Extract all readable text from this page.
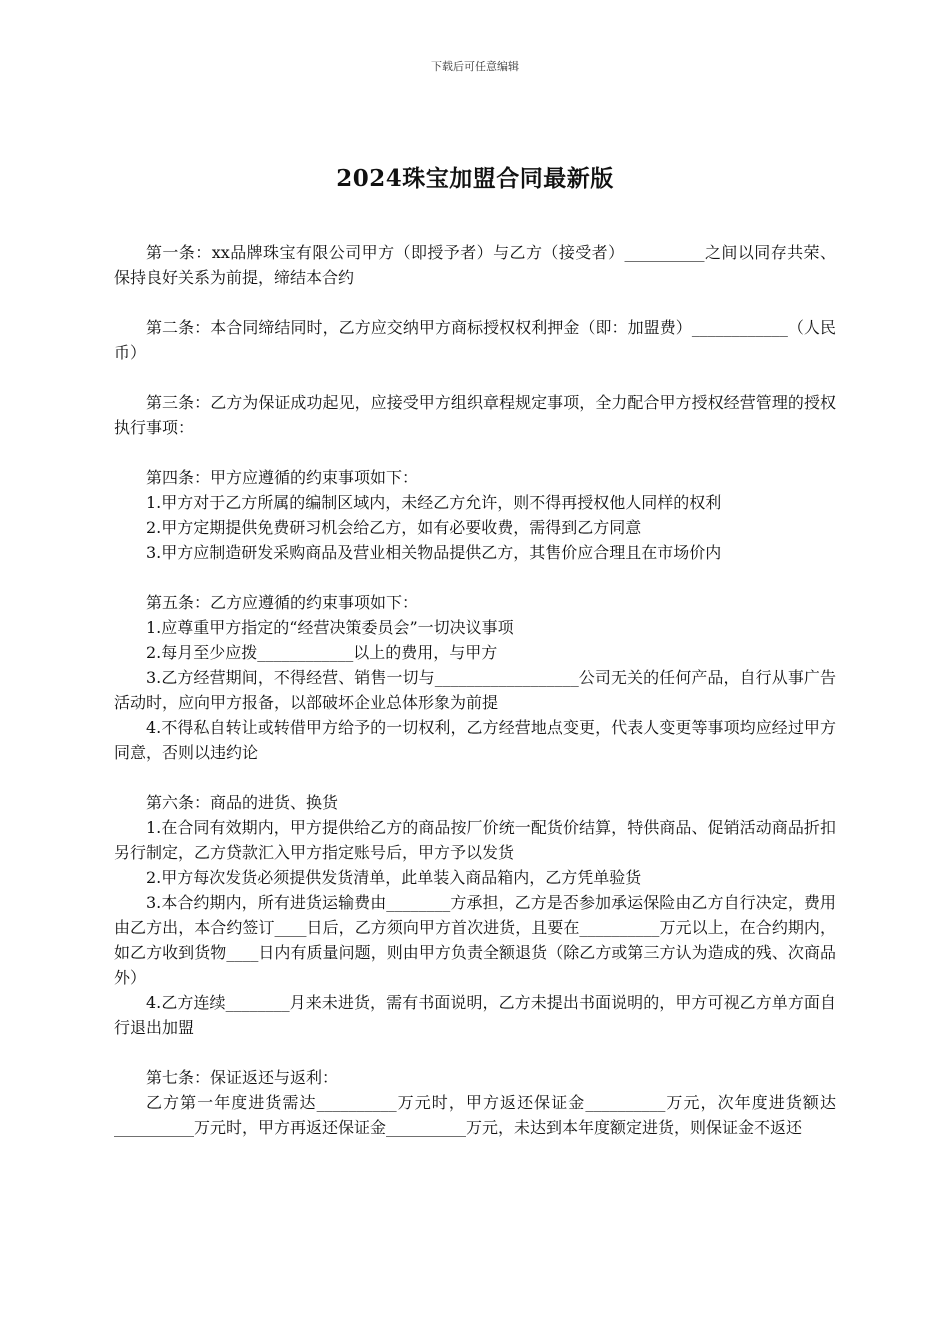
下载后可任意编辑
2024珠宝加盟合同最新版

第一条：xx品牌珠宝有限公司甲方（即授予者）与乙方（接受者）__________之间以同存共荣、保持良好关系为前提，缔结本合约

第二条：本合同缔结同时，乙方应交纳甲方商标授权权利押金（即：加盟费）____________（人民币）

第三条：乙方为保证成功起见，应接受甲方组织章程规定事项，全力配合甲方授权经营管理的授权执行事项：

第四条：甲方应遵循的约束事项如下：

1.甲方对于乙方所属的编制区域内，未经乙方允许，则不得再授权他人同样的权利

2.甲方定期提供免费研习机会给乙方，如有必要收费，需得到乙方同意

3.甲方应制造研发采购商品及营业相关物品提供乙方，其售价应合理且在市场价内

第五条：乙方应遵循的约束事项如下：

1.应尊重甲方指定的“经营决策委员会”一切决议事项

2.每月至少应拨____________以上的费用，与甲方

3.乙方经营期间，不得经营、销售一切与__________________公司无关的任何产品，自行从事广告活动时，应向甲方报备，以部破坏企业总体形象为前提

4.不得私自转让或转借甲方给予的一切权利，乙方经营地点变更，代表人变更等事项均应经过甲方同意，否则以违约论

第六条：商品的进货、换货

1.在合同有效期内，甲方提供给乙方的商品按厂价统一配货价结算，特供商品、促销活动商品折扣另行制定，乙方贷款汇入甲方指定账号后，甲方予以发货

2.甲方每次发货必须提供发货清单，此单装入商品箱内，乙方凭单验货

3.本合约期内，所有进货运输费由________方承担，乙方是否参加承运保险由乙方自行决定，费用由乙方出，本合约签订____日后，乙方须向甲方首次进货，且要在__________万元以上，在合约期内，如乙方收到货物____日内有质量问题，则由甲方负责全额退货（除乙方或第三方认为造成的残、次商品外）

4.乙方连续________月来未进货，需有书面说明，乙方未提出书面说明的，甲方可视乙方单方面自行退出加盟

第七条：保证返还与返利：

乙方第一年度进货需达__________万元时，甲方返还保证金__________万元，次年度进货额达__________万元时，甲方再返还保证金__________万元，未达到本年度额定进货，则保证金不返还
